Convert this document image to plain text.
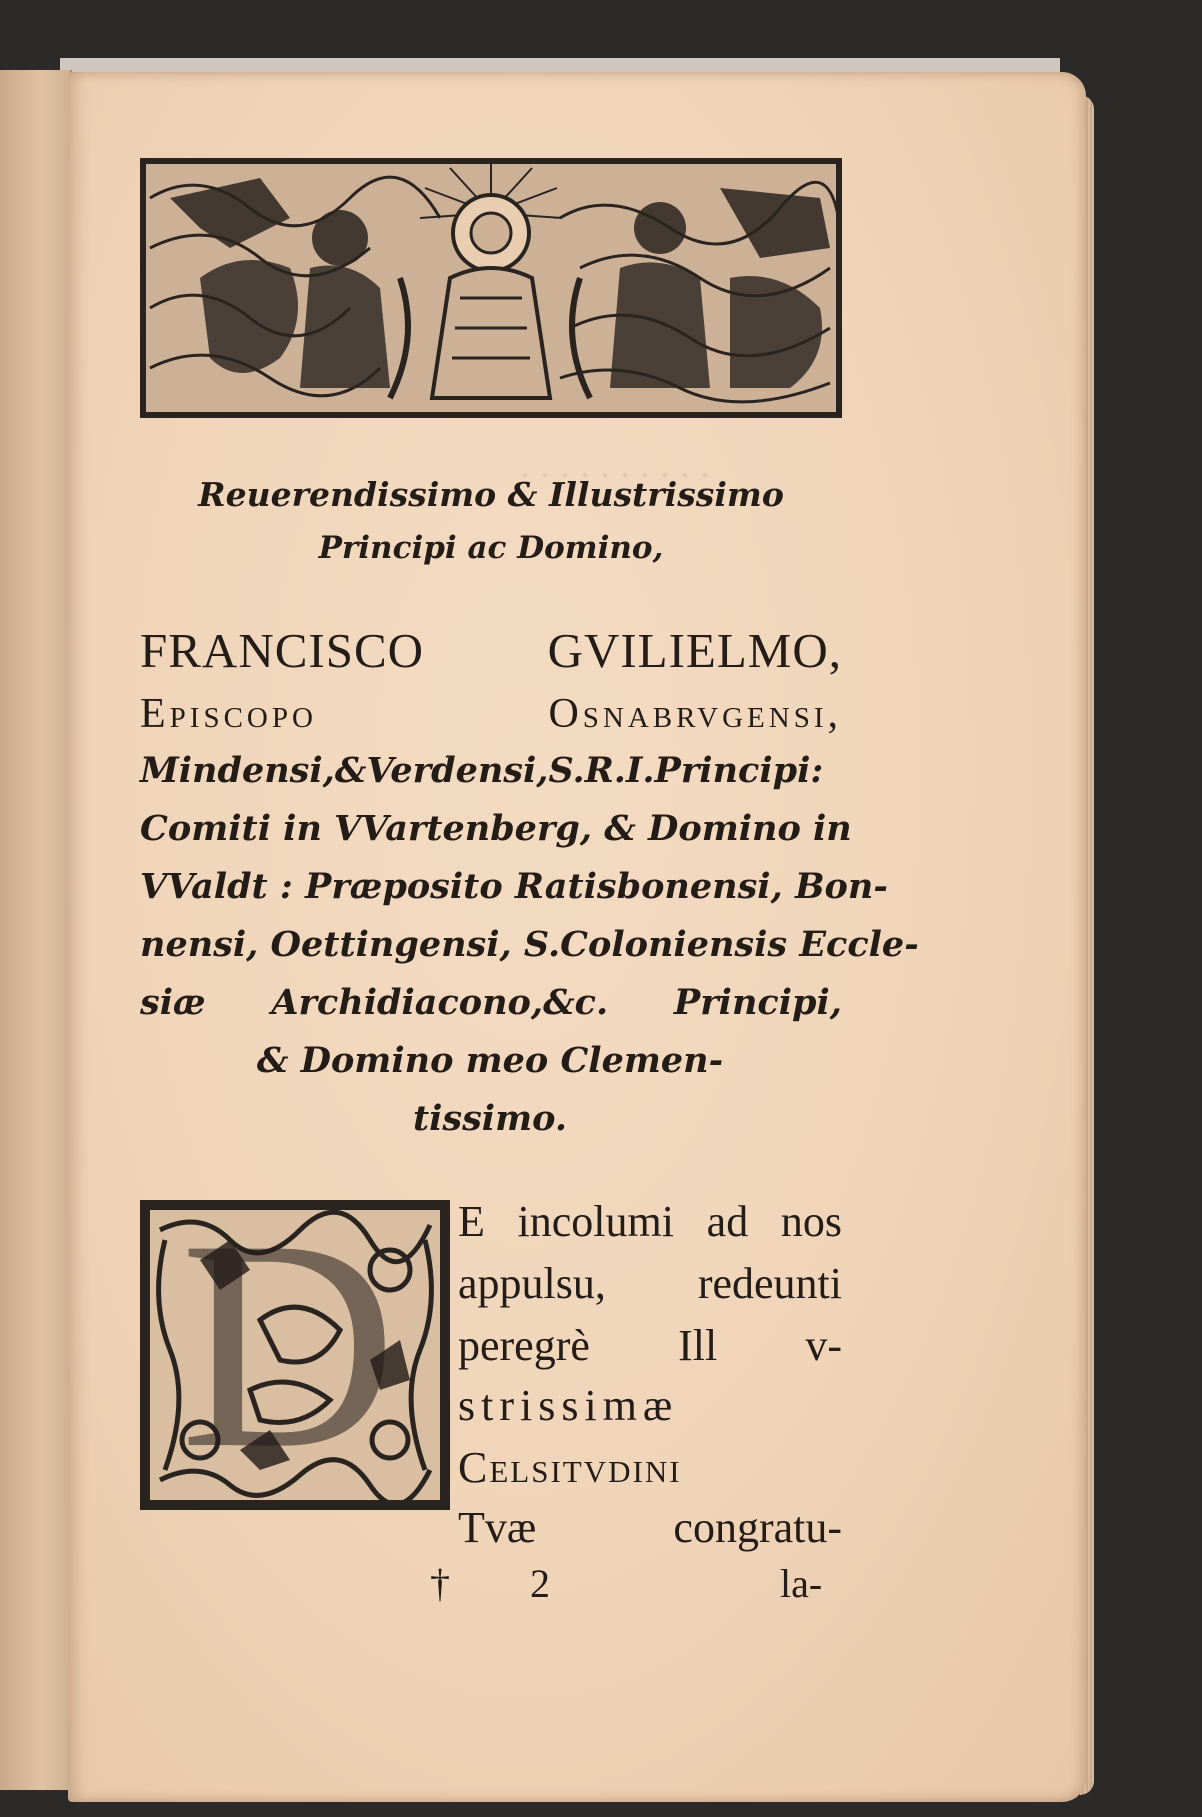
. . . . . . . . . .
Reuerendissimo & Illustrissimo
Principi ac Domino,
FRANCISCO GVILIELMO,
Episcopo Osnabrvgensi,
Mindensi,&Verdensi,S.R.I.Principi:
Comiti in VVartenberg, & Domino in
VValdt : Præposito Ratisbonensi, Bon-
nensi, Oettingensi, S.Coloniensis Eccle-
siæ Archidiacono,&c. Principi,
& Domino meo Clemen-
tissimo.
D E incolumi ad nos
appulsu, redeunti
peregrè Ill v-
strissimæ
Celsitvdini
Tvæ congratu-
† 2	la-
